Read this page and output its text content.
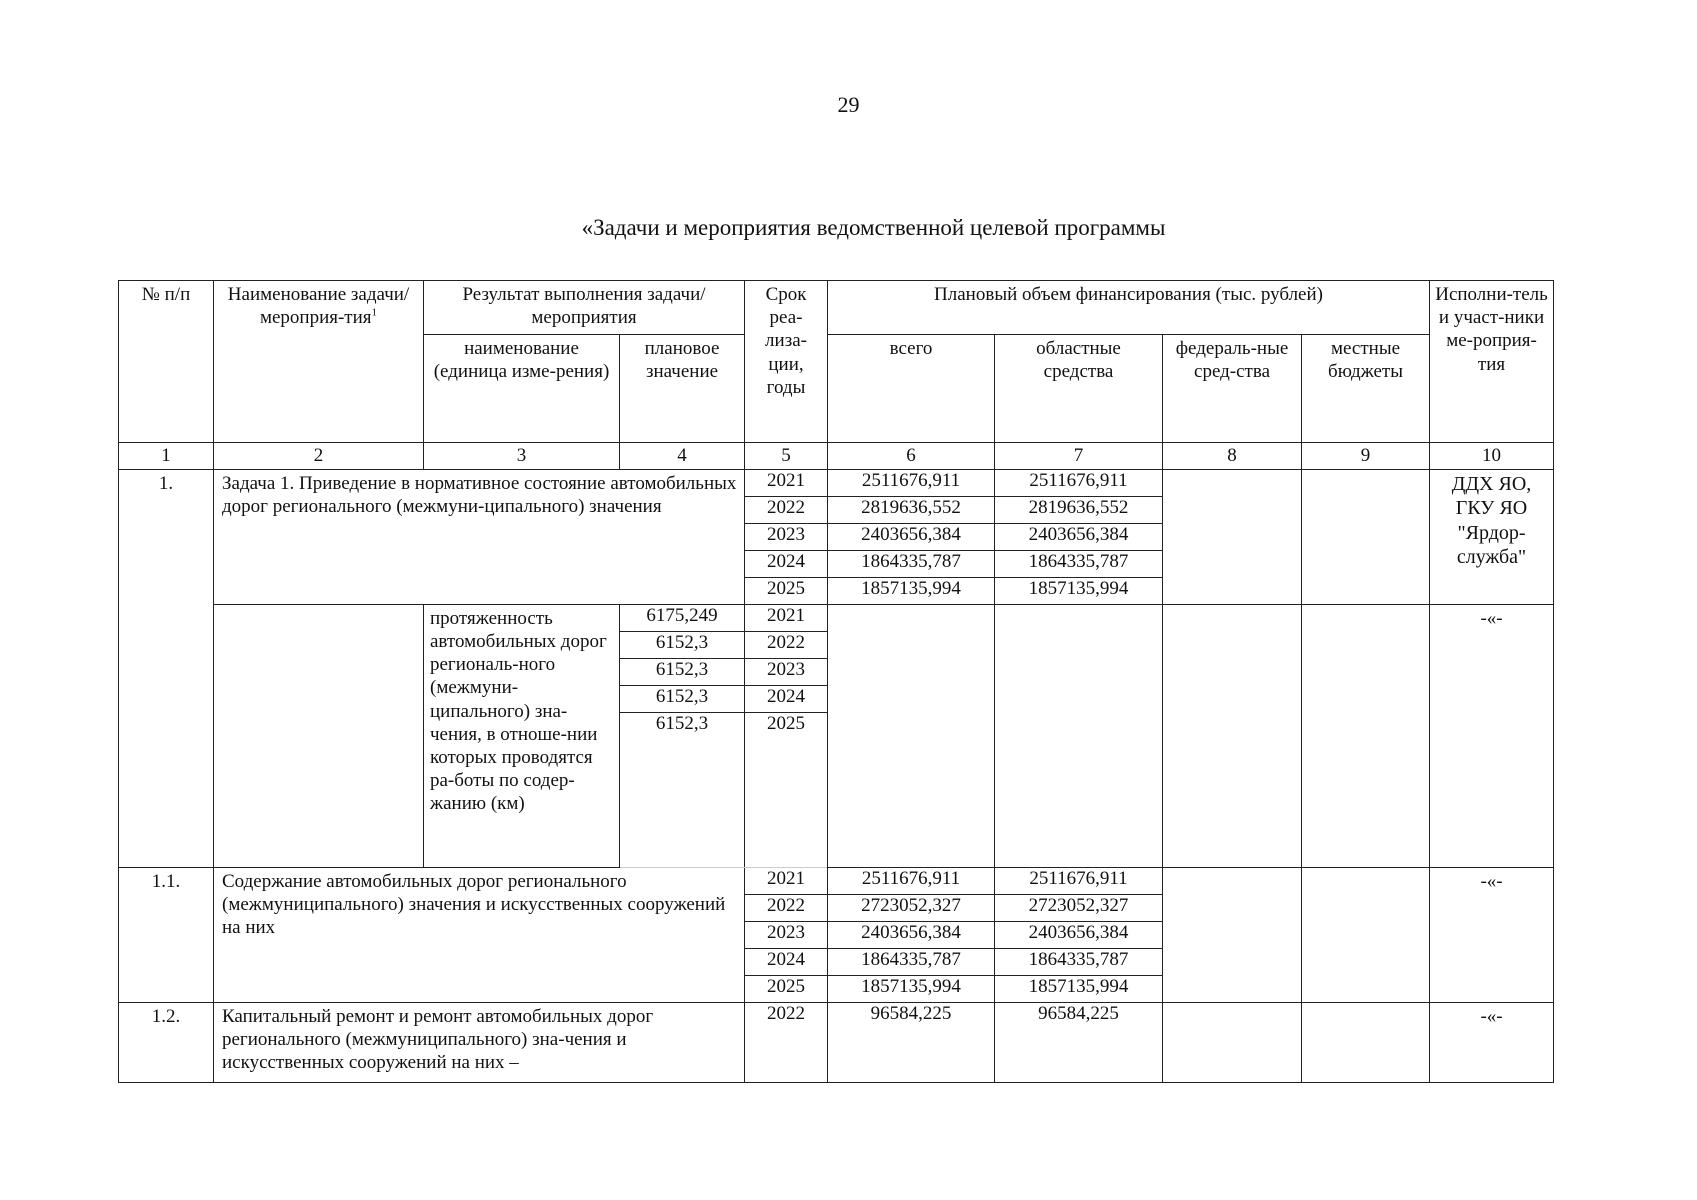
29
«Задачи и мероприятия ведомственной целевой программы
№ п/п	Наименование задачи/мероприя-тия$^1$	Результат выполнения задачи/мероприятия		Срок реа-лиза-ции, годы	Плановый объем финансирования (тыс. рублей)				Исполни-тель и участ-ники ме-роприя-тия
		наименование (единица изме-рения)	плановое значение		всего	областные средства	федераль-ные сред-ства	местные бюджеты	
1	2	3	4	5	6	7	8	9	10
1.	Задача 1. Приведение в нормативное состояние автомобильных дорог регионального (межмуни-ципального) значения			2021	2511676,911	2511676,911			ДДХ ЯО, ГКУ ЯО "Ярдор-служба"
				2022	2819636,552	2819636,552			
				2023	2403656,384	2403656,384			
				2024	1864335,787	1864335,787			
				2025	1857135,994	1857135,994			
		протяженность автомобильных дорог региональ-ного (межмуни-ципального) зна-чения, в отноше-нии которых проводятся ра-боты по содер-жанию (км)	6175,249	2021					-«-
			6152,3	2022					
			6152,3	2023					
			6152,3	2024					
			6152,3	2025					
1.1.	Содержание автомобильных дорог регионального (межмуниципального) значения и искусственных сооружений на них			2021	2511676,911	2511676,911			-«-
				2022	2723052,327	2723052,327			
				2023	2403656,384	2403656,384			
				2024	1864335,787	1864335,787			
				2025	1857135,994	1857135,994			
1.2.	Капитальный ремонт и ремонт автомобильных дорог регионального (межмуниципального) зна-чения и искусственных сооружений на них –			2022	96584,225	96584,225			-«-
